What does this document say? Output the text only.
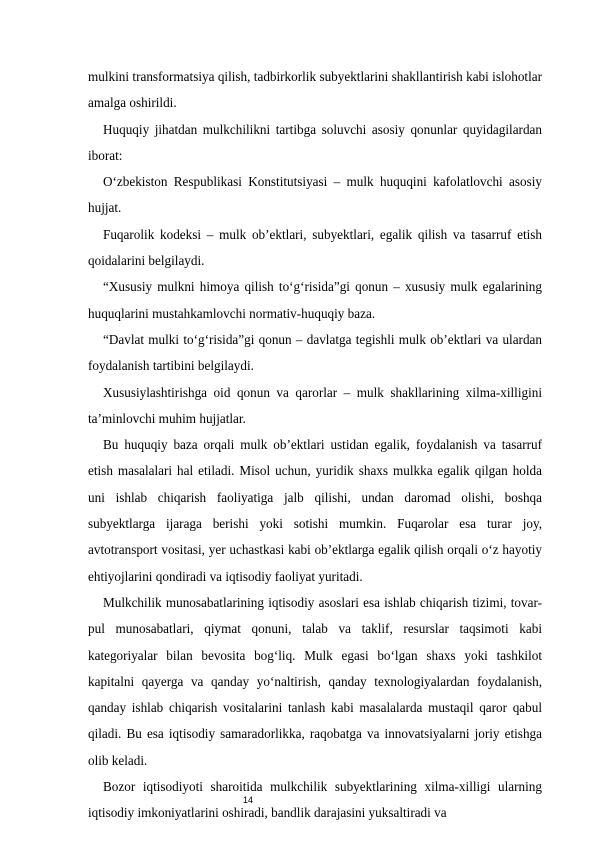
mulkini transformatsiya qilish, tadbirkorlik subyektlarini shakllantirish kabi islohotlar amalga oshirildi.

Huquqiy jihatdan mulkchilikni tartibga soluvchi asosiy qonunlar quyidagilardan iborat:

O‘zbekiston Respublikasi Konstitutsiyasi – mulk huquqini kafolatlovchi asosiy hujjat.

Fuqarolik kodeksi – mulk ob’ektlari, subyektlari, egalik qilish va tasarruf etish qoidalarini belgilaydi.

“Xususiy mulkni himoya qilish to‘g‘risida”gi qonun – xususiy mulk egalarining huquqlarini mustahkamlovchi normativ-huquqiy baza.

“Davlat mulki to‘g‘risida”gi qonun – davlatga tegishli mulk ob’ektlari va ulardan foydalanish tartibini belgilaydi.

Xususiylashtirishga oid qonun va qarorlar – mulk shakllarining xilma-xilligini ta’minlovchi muhim hujjatlar.

Bu huquqiy baza orqali mulk ob’ektlari ustidan egalik, foydalanish va tasarruf etish masalalari hal etiladi. Misol uchun, yuridik shaxs mulkka egalik qilgan holda uni ishlab chiqarish faoliyatiga jalb qilishi, undan daromad olishi, boshqa subyektlarga ijaraga berishi yoki sotishi mumkin. Fuqarolar esa turar joy, avtotransport vositasi, yer uchastkasi kabi ob’ektlarga egalik qilish orqali o‘z hayotiy ehtiyojlarini qondiradi va iqtisodiy faoliyat yuritadi.

Mulkchilik munosabatlarining iqtisodiy asoslari esa ishlab chiqarish tizimi, tovar-pul munosabatlari, qiymat qonuni, talab va taklif, resurslar taqsimoti kabi kategoriyalar bilan bevosita bog‘liq. Mulk egasi bo‘lgan shaxs yoki tashkilot kapitalni qayerga va qanday yo‘naltirish, qanday texnologiyalardan foydalanish, qanday ishlab chiqarish vositalarini tanlash kabi masalalarda mustaqil qaror qabul qiladi. Bu esa iqtisodiy samaradorlikka, raqobatga va innovatsiyalarni joriy etishga olib keladi.

Bozor iqtisodiyoti sharoitida mulkchilik subyektlarining xilma-xilligi ularning iqtisodiy imkoniyatlarini oshiradi, bandlik darajasini yuksaltiradi va

14
